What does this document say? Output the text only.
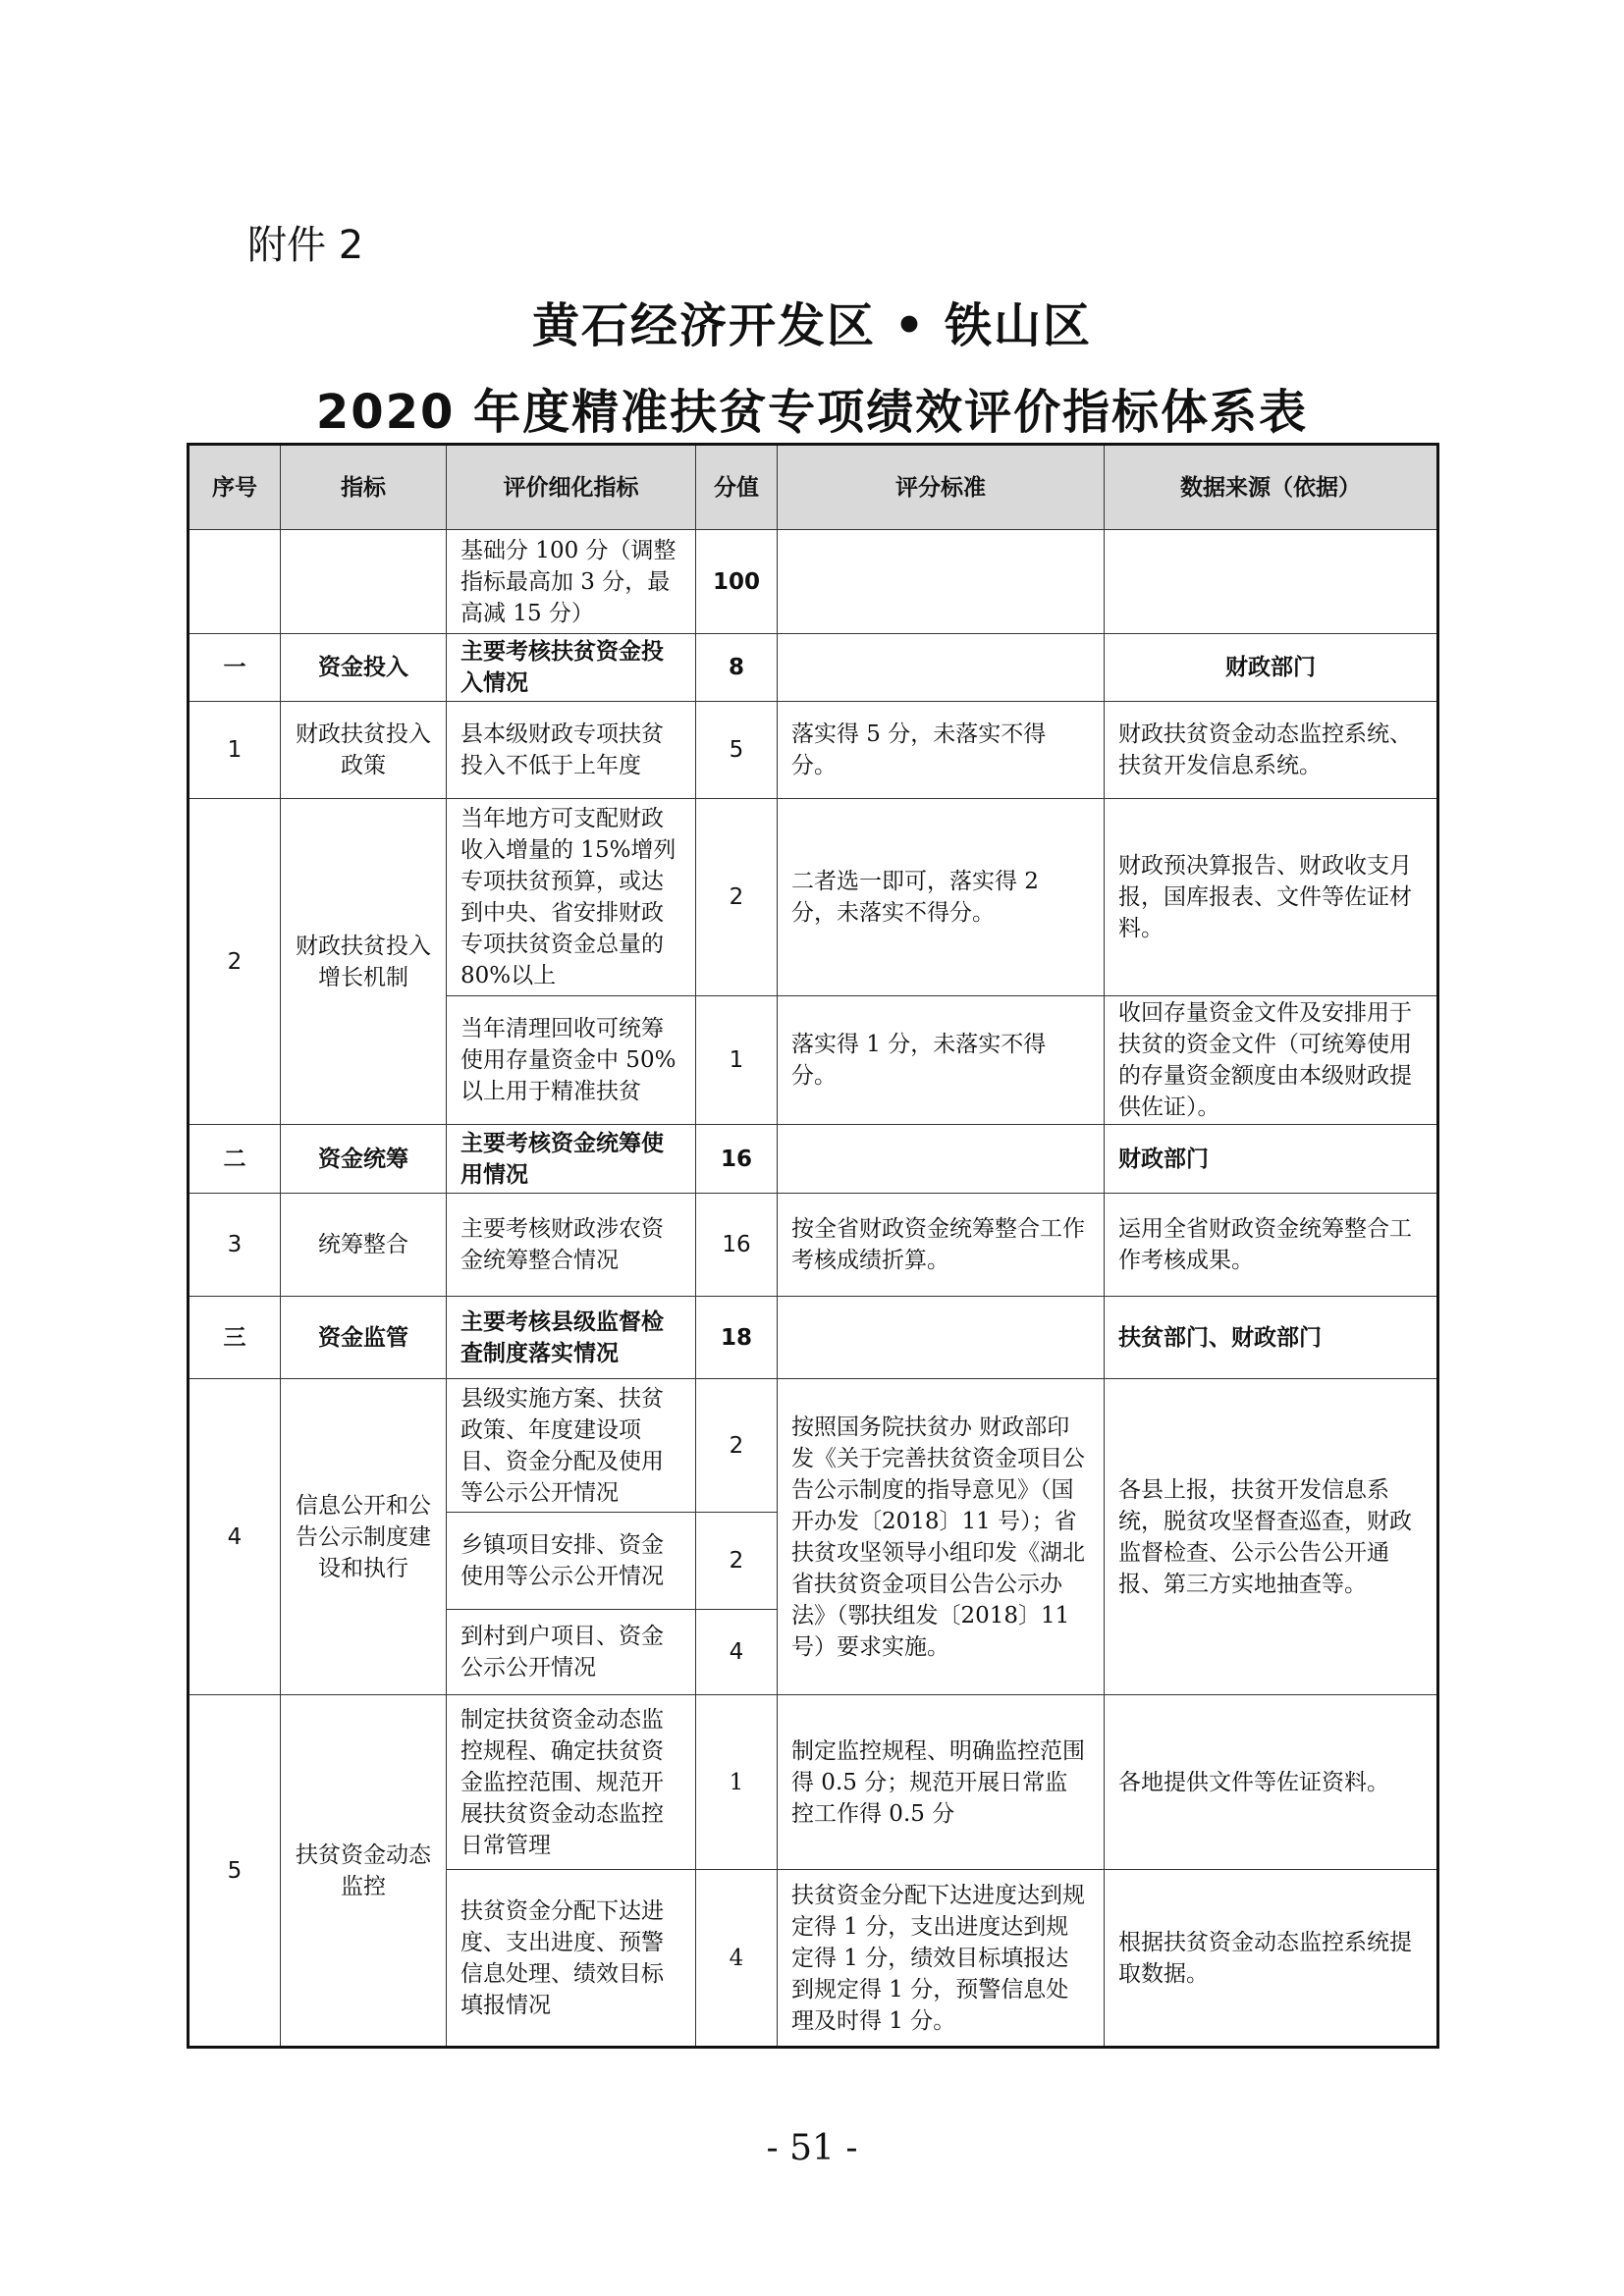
附件 2
黄石经济开发区 • 铁山区
2020 年度精准扶贫专项绩效评价指标体系表
序号	指标	评价细化指标	分值	评分标准	数据来源（依据）
		基础分 100 分（调整指标最高加 3 分，最高减 15 分）	100		
一	资金投入	主要考核扶贫资金投入情况	8		财政部门
1	财政扶贫投入政策	县本级财政专项扶贫投入不低于上年度	5	落实得 5 分，未落实不得分。	财政扶贫资金动态监控系统、扶贫开发信息系统。
2	财政扶贫投入增长机制	当年地方可支配财政收入增量的 15%增列专项扶贫预算，或达到中央、省安排财政专项扶贫资金总量的 80%以上	2	二者选一即可，落实得 2 分，未落实不得分。	财政预决算报告、财政收支月报，国库报表、文件等佐证材料。
		当年清理回收可统筹使用存量资金中 50%以上用于精准扶贫	1	落实得 1 分，未落实不得分。	收回存量资金文件及安排用于扶贫的资金文件（可统筹使用的存量资金额度由本级财政提供佐证）。
二	资金统筹	主要考核资金统筹使用情况	16		财政部门
3	统筹整合	主要考核财政涉农资金统筹整合情况	16	按全省财政资金统筹整合工作考核成绩折算。	运用全省财政资金统筹整合工作考核成果。
三	资金监管	主要考核县级监督检查制度落实情况	18		扶贫部门、财政部门
4	信息公开和公告公示制度建设和执行	县级实施方案、扶贫政策、年度建设项目、资金分配及使用等公示公开情况	2	按照国务院扶贫办 财政部印发《关于完善扶贫资金项目公告公示制度的指导意见》（国开办发〔2018〕11 号）；省扶贫攻坚领导小组印发《湖北省扶贫资金项目公告公示办法》（鄂扶组发〔2018〕11 号）要求实施。	各县上报，扶贫开发信息系统，脱贫攻坚督查巡查，财政监督检查、公示公告公开通报、第三方实地抽查等。
		乡镇项目安排、资金使用等公示公开情况	2		
		到村到户项目、资金公示公开情况	4		
5	扶贫资金动态监控	制定扶贫资金动态监控规程、确定扶贫资金监控范围、规范开展扶贫资金动态监控日常管理	1	制定监控规程、明确监控范围得 0.5 分；规范开展日常监控工作得 0.5 分	各地提供文件等佐证资料。
		扶贫资金分配下达进度、支出进度、预警信息处理、绩效目标填报情况	4	扶贫资金分配下达进度达到规定得 1 分，支出进度达到规定得 1 分，绩效目标填报达到规定得 1 分，预警信息处理及时得 1 分。	根据扶贫资金动态监控系统提取数据。
- 51 -
